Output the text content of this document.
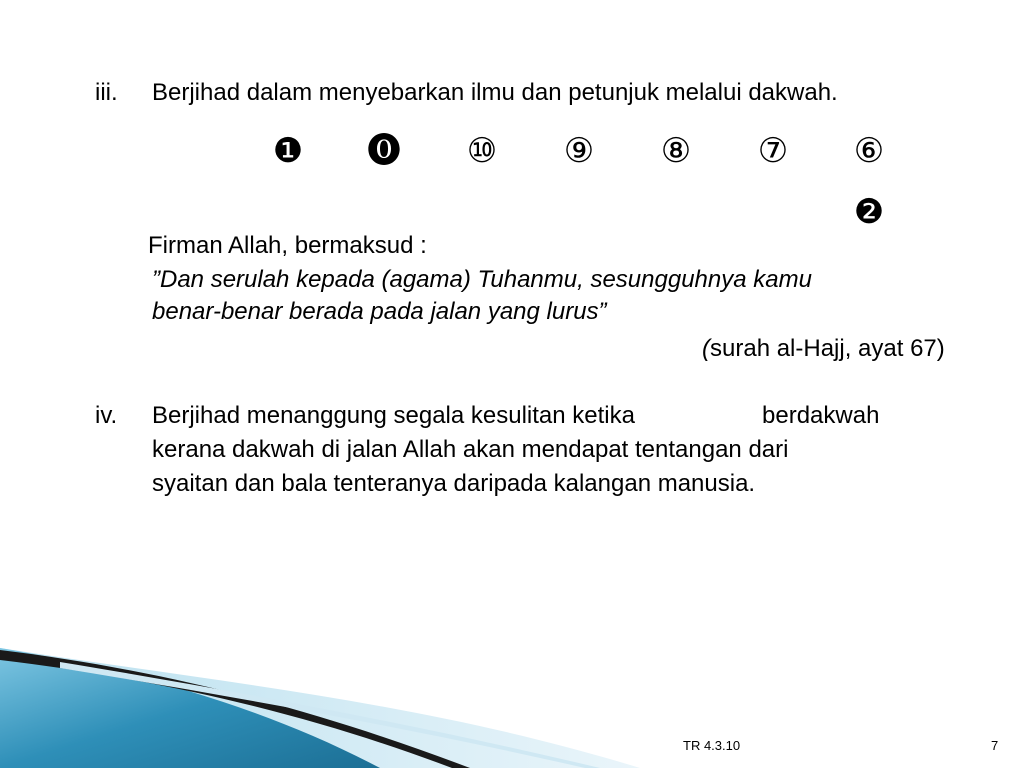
iii. Berjihad dalam menyebarkan ilmu dan petunjuk melalui dakwah.
❶ ⓿ ⑩ ⑨ ⑧ ⑦ ⑥
❷
Firman Allah, bermaksud :
”Dan serulah kepada (agama) Tuhanmu, sesungguhnya kamu
benar-benar berada pada jalan yang lurus”
(surah al-Hajj, ayat 67)
iv. Berjihad menanggung segala kesulitan ketika	berdakwah
kerana dakwah di jalan Allah akan mendapat tentangan dari
syaitan dan bala tenteranya daripada kalangan manusia.
TR 4.3.10	7
